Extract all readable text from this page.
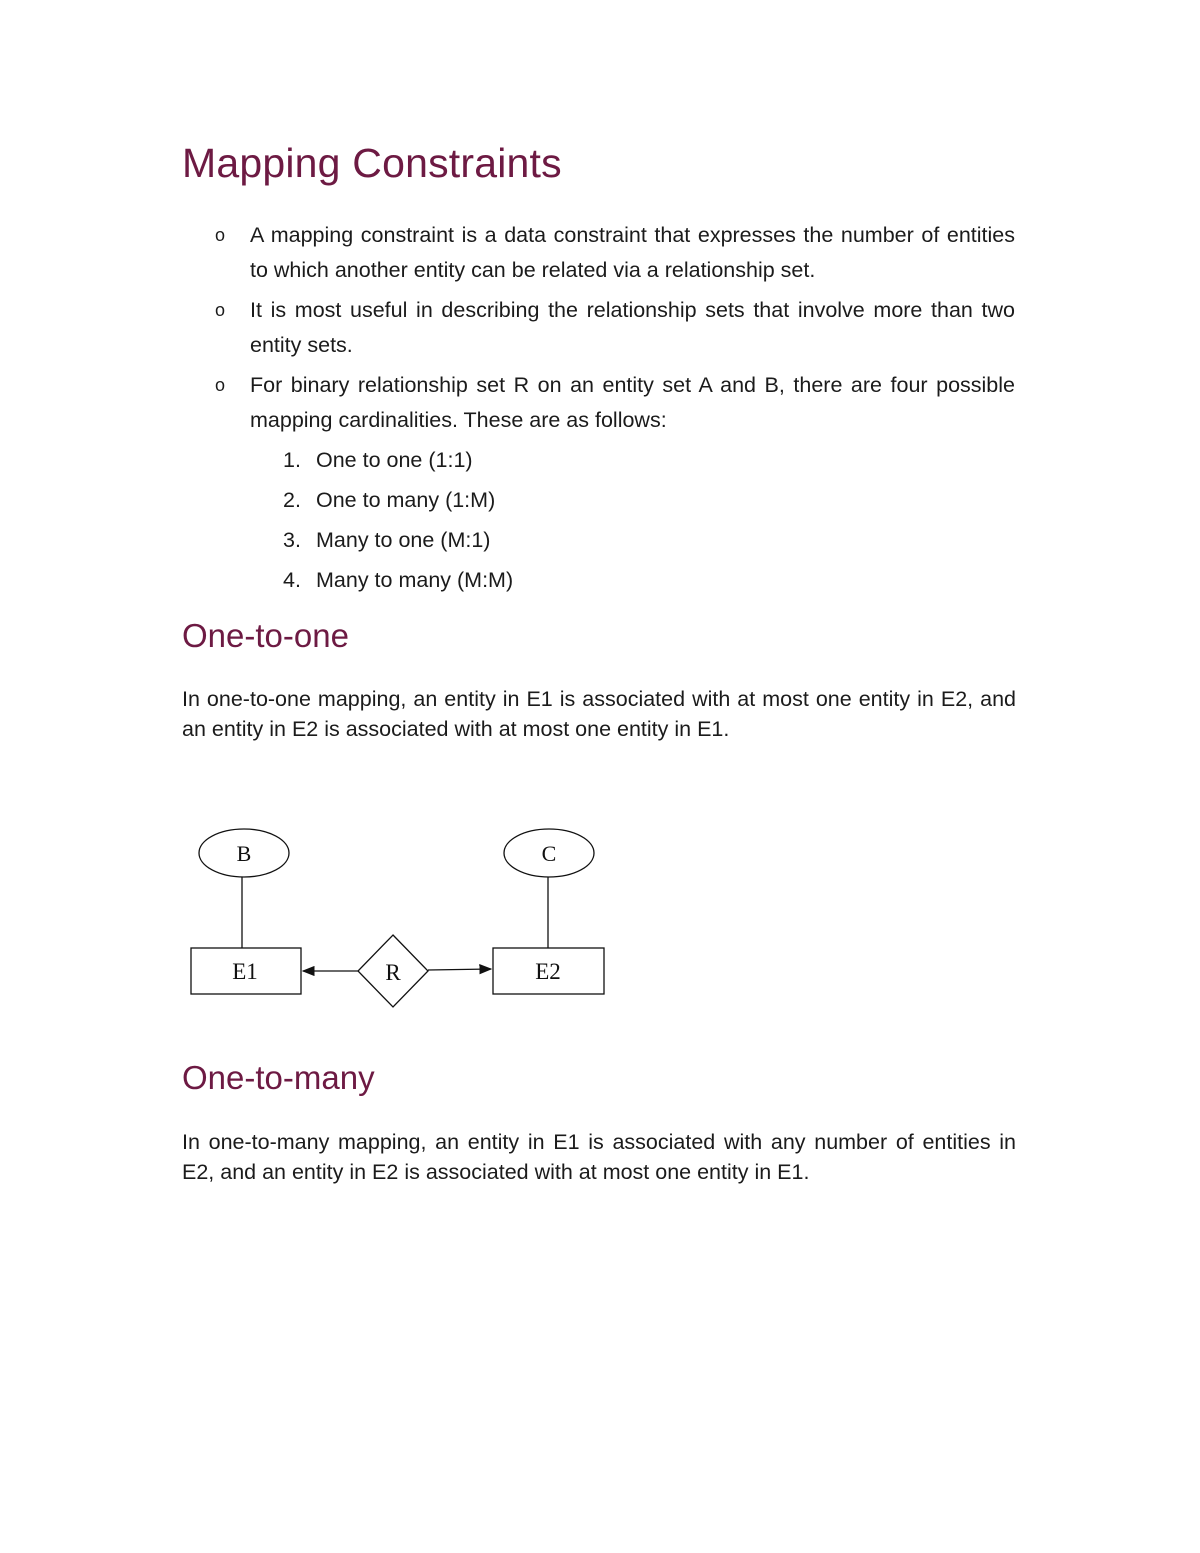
Mapping Constraints
o A mapping constraint is a data constraint that expresses the number of entities to which another entity can be related via a relationship set.
o It is most useful in describing the relationship sets that involve more than two entity sets.
o For binary relationship set R on an entity set A and B, there are four possible mapping cardinalities. These are as follows:
1. One to one (1:1)
2. One to many (1:M)
3. Many to one (M:1)
4. Many to many (M:M)
One-to-one

In one-to-one mapping, an entity in E1 is associated with at most one entity in E2, and an entity in E2 is associated with at most one entity in E1.

B	C
E1	E2
R
One-to-many

In one-to-many mapping, an entity in E1 is associated with any number of entities in E2, and an entity in E2 is associated with at most one entity in E1.
